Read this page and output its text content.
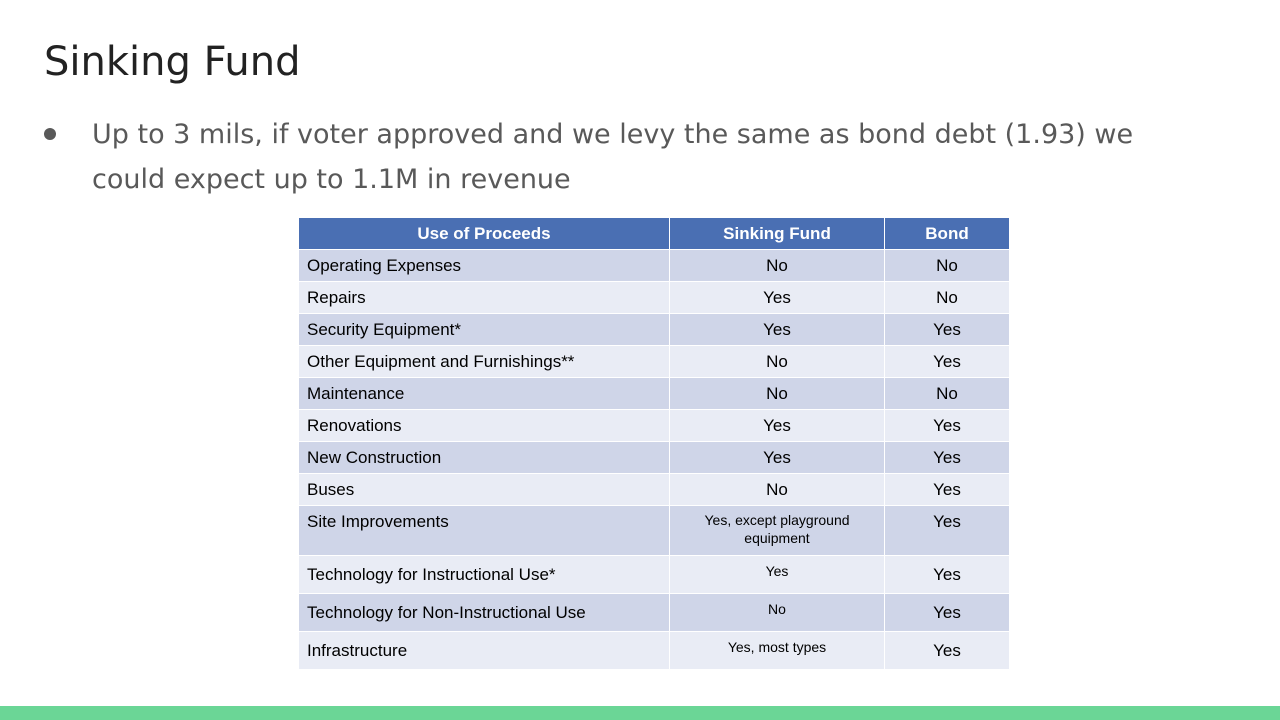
Sinking Fund
Up to 3 mils, if voter approved and we levy the same as bond debt (1.93) we could expect up to 1.1M in revenue
Use of Proceeds	Sinking Fund	Bond
Operating Expenses	No	No
Repairs	Yes	No
Security Equipment*	Yes	Yes
Other Equipment and Furnishings**	No	Yes
Maintenance	No	No
Renovations	Yes	Yes
New Construction	Yes	Yes
Buses	No	Yes
Site Improvements	Yes, except playground equipment	Yes
Technology for Instructional Use*	Yes	Yes
Technology for Non-Instructional Use	No	Yes
Infrastructure	Yes, most types	Yes
